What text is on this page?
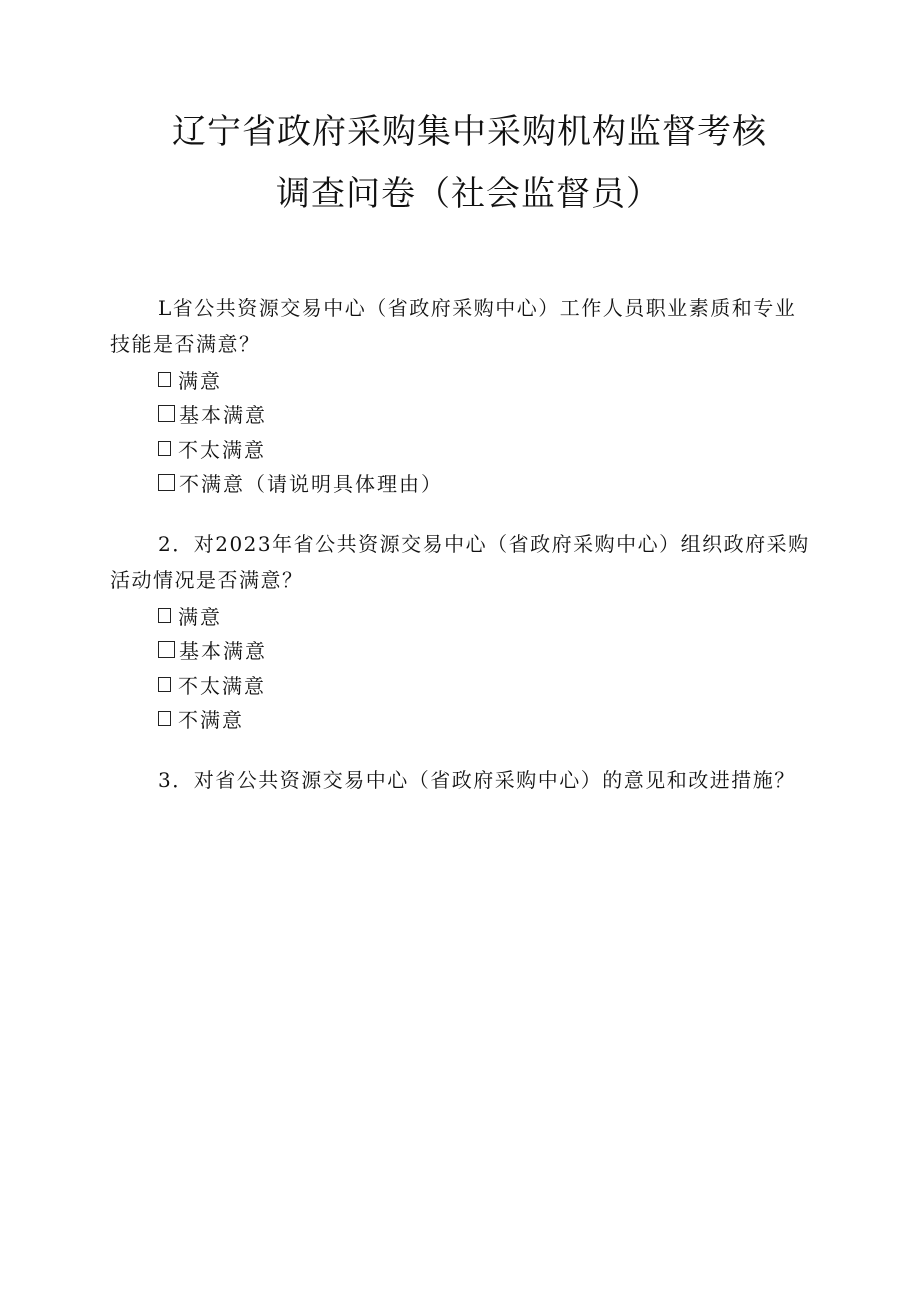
辽宁省政府采购集中采购机构监督考核
调查问卷（社会监督员）
L省公共资源交易中心（省政府采购中心）工作人员职业素质和专业技能是否满意？
满意
基本满意
不太满意
不满意（请说明具体理由）
2．对2023年省公共资源交易中心（省政府采购中心）组织政府采购活动情况是否满意？
满意
基本满意
不太满意
不满意
3．对省公共资源交易中心（省政府采购中心）的意见和改进措施？
